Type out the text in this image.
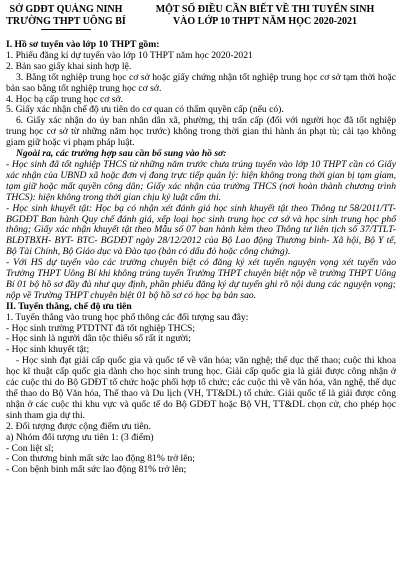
SỞ GDĐT QUẢNG NINH
TRƯỜNG THPT UÔNG BÍ
MỘT SỐ ĐIỀU CẦN BIẾT VỀ THI TUYỂN SINH
VÀO LỚP 10 THPT NĂM HỌC 2020-2021

I. Hồ sơ tuyển vào lớp 10 THPT gồm:

1. Phiếu đăng kí dự tuyển vào lớp 10 THPT năm học 2020-2021

2. Bản sao giấy khai sinh hợp lệ.

3. Bằng tốt nghiệp trung học cơ sở hoặc giấy chứng nhận tốt nghiệp trung học cơ sở tạm thời hoặc bản sao bằng tốt nghiệp trung học cơ sở.

4. Học bạ cấp trung học cơ sở.

5. Giấy xác nhận chế độ ưu tiên do cơ quan có thẩm quyền cấp (nếu có).

6. Giấy xác nhận do ủy ban nhân dân xã, phường, thị trấn cấp (đối với người học đã tốt nghiệp trung học cơ sở từ những năm học trước) không trong thời gian thi hành án phạt tù; cải tạo không giam giữ hoặc vi phạm pháp luật.

Ngoài ra, các trường hợp sau cần bổ sung vào hồ sơ:

- Học sinh đã tốt nghiệp THCS từ những năm trước chưa trúng tuyển vào lớp 10 THPT cần có Giấy xác nhận của UBND xã hoặc đơn vị đang trực tiếp quản lý: hiện không trong thời gian bị tạm giam, tạm giữ hoặc mất quyền công dân; Giấy xác nhận của trường THCS (nơi hoàn thành chương trình THCS): hiện không trong thời gian chịu kỷ luật cấm thi.

- Học sinh khuyết tật: Học bạ có nhận xét đánh giá học sinh khuyết tật theo Thông tư 58/2011/TT-BGDĐT Ban hành Quy chế đánh giá, xếp loại học sinh trung học cơ sở và học sinh trung học phổ thông; Giấy xác nhận khuyết tật theo Mẫu số 07 ban hành kèm theo Thông tư liên tịch số 37/TTLT- BLĐTBXH- BYT- BTC- BGDĐT ngày 28/12/2012 của Bộ Lao động Thương binh- Xã hội, Bộ Y tế, Bộ Tài Chính, Bộ Giáo dục và Đào tạo (bản có dấu đỏ hoặc công chứng).

- Với HS dự tuyển vào các trường chuyên biệt có đăng ký xét tuyển nguyện vọng xét tuyển vào Trường THPT Uông Bí khi không trúng tuyển Trường THPT chuyên biệt nộp về trường THPT Uông Bí 01 bộ hồ sơ đầy đủ như quy định, phần phiếu đăng ký dự tuyển ghi rõ nội dung các nguyện vọng; nộp về Trường THPT chuyên biệt 01 bộ hồ sơ có học bạ bản sao.

II. Tuyển thẳng, chế độ ưu tiên

1. Tuyển thẳng vào trung học phổ thông các đối tượng sau đây:

- Học sinh trường PTDTNT đã tốt nghiệp THCS;

- Học sinh là người dân tộc thiểu số rất ít người;

- Học sinh khuyết tật;

- Học sinh đạt giải cấp quốc gia và quốc tế về văn hóa; văn nghệ; thể dục thể thao; cuộc thi khoa học kĩ thuật cấp quốc gia dành cho học sinh trung học. Giải cấp quốc gia là giải được công nhận ở các cuộc thi do Bộ GDĐT tổ chức hoặc phối hợp tổ chức; các cuộc thi về văn hóa, văn nghệ, thể dục thể thao do Bộ Văn hóa, Thể thao và Du lịch (VH, TT&DL) tổ chức. Giải quốc tế là giải được công nhận ở các cuộc thi khu vực và quốc tế do Bộ GDĐT hoặc Bộ VH, TT&DL chọn cử, cho phép học sinh tham gia dự thi.

2. Đối tượng được cộng điểm ưu tiên.

a) Nhóm đối tượng ưu tiên 1: (3 điểm)

- Con liệt sĩ;

- Con thương binh mất sức lao động 81% trở lên;

- Con bệnh binh mất sức lao động 81% trở lên;
